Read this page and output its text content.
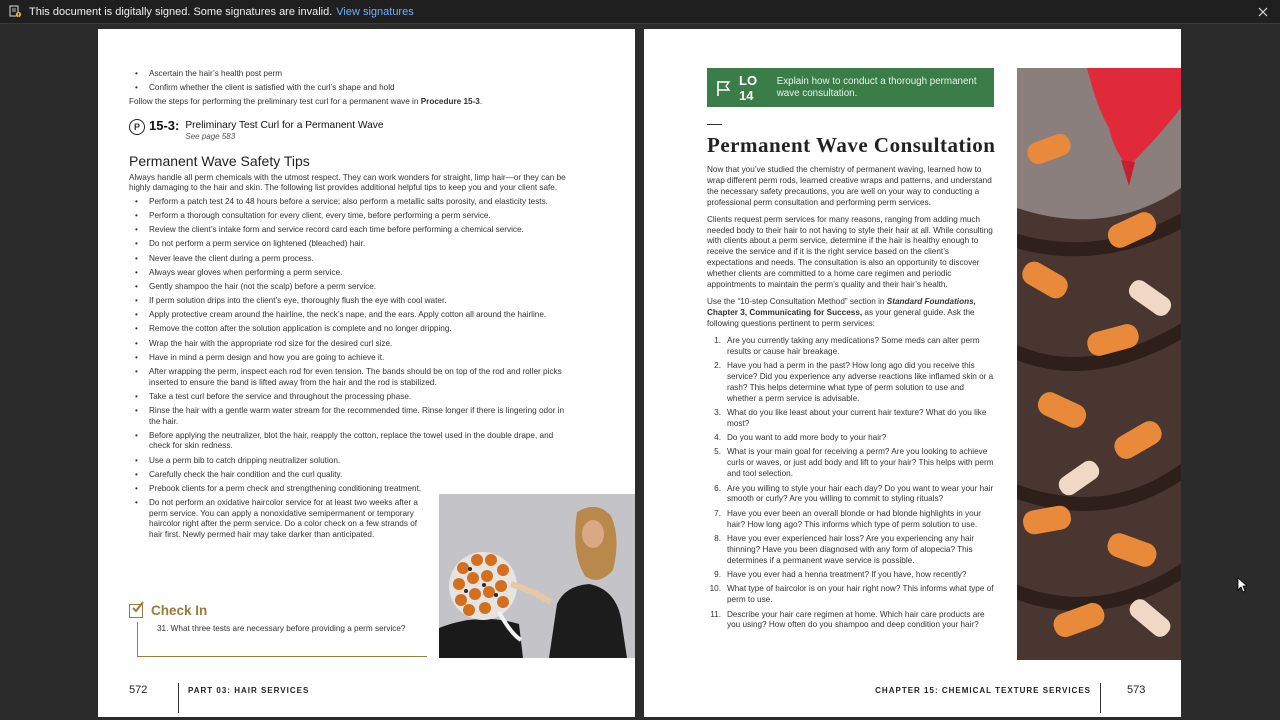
This document is digitally signed. Some signatures are invalid. View signatures
• Ascertain the hair’s health post perm
• Confirm whether the client is satisfied with the curl’s shape and hold

Follow the steps for performing the preliminary test curl for a permanent wave in Procedure 15-3.

P 15-3: Preliminary Test Curl for a Permanent Wave
See page 583
Permanent Wave Safety Tips

Always handle all perm chemicals with the utmost respect. They can work wonders for straight, limp hair—or they can be highly damaging to the hair and skin. The following list provides additional helpful tips to keep you and your client safe.

• Perform a patch test 24 to 48 hours before a service; also perform a metallic salts porosity, and elasticity tests.
• Perform a thorough consultation for every client, every time, before performing a perm service.
• Review the client’s intake form and service record card each time before performing a chemical service.
• Do not perform a perm service on lightened (bleached) hair.
• Never leave the client during a perm process.
• Always wear gloves when performing a perm service.
• Gently shampoo the hair (not the scalp) before a perm service.
• If perm solution drips into the client’s eye, thoroughly flush the eye with cool water.
• Apply protective cream around the hairline, the neck’s nape, and the ears. Apply cotton all around the hairline.
• Remove the cotton after the solution application is complete and no longer dripping.
• Wrap the hair with the appropriate rod size for the desired curl size.
• Have in mind a perm design and how you are going to achieve it.
• After wrapping the perm, inspect each rod for even tension. The bands should be on top of the rod and roller picks inserted to ensure the band is lifted away from the hair and the rod is stabilized.
• Take a test curl before the service and throughout the processing phase.
• Rinse the hair with a gentle warm water stream for the recommended time. Rinse longer if there is lingering odor in the hair.
• Before applying the neutralizer, blot the hair, reapply the cotton, replace the towel used in the double drape, and check for skin redness.
• Use a perm bib to catch dripping neutralizer solution.
• Carefully check the hair condition and the curl quality.
• Prebook clients for a perm check and strengthening conditioning treatment.
• Do not perform an oxidative haircolor service for at least two weeks after a perm service. You can apply a nonoxidative semipermanent or temporary haircolor right after the perm service. Do a color check on a few strands of hair first. Newly permed hair may take darker than anticipated.
Check In
31. What three tests are necessary before providing a perm service?
572	PART 03: HAIR SERVICES
LO 14
Explain how to conduct a thorough permanent wave consultation.
Permanent Wave Consultation

Now that you’ve studied the chemistry of permanent waving, learned how to wrap different perm rods, learned creative wraps and patterns, and understand the necessary safety precautions, you are well on your way to conducting a professional perm consultation and performing perm services.

Clients request perm services for many reasons, ranging from adding much needed body to their hair to not having to style their hair at all. While consulting with clients about a perm service, determine if the hair is healthy enough to receive the service and if it is the right service based on the client’s expectations and needs. The consultation is also an opportunity to discover whether clients are committed to a home care regimen and periodic appointments to maintain the perm’s quality and their hair’s health.

Use the “10-step Consultation Method” section in Standard Foundations, Chapter 3, Communicating for Success, as your general guide. Ask the following questions pertinent to perm services:

1. Are you currently taking any medications? Some meds can alter perm results or cause hair breakage.
2. Have you had a perm in the past? How long ago did you receive this service? Did you experience any adverse reactions like inflamed skin or a rash? This helps determine what type of perm solution to use and whether a perm service is advisable.
3. What do you like least about your current hair texture? What do you like most?
4. Do you want to add more body to your hair?
5. What is your main goal for receiving a perm? Are you looking to achieve curls or waves, or just add body and lift to your hair? This helps with perm and tool selection.
6. Are you willing to style your hair each day? Do you want to wear your hair smooth or curly? Are you willing to commit to styling rituals?
7. Have you ever been an overall blonde or had blonde highlights in your hair? How long ago? This informs which type of perm solution to use.
8. Have you ever experienced hair loss? Are you experiencing any hair thinning? Have you been diagnosed with any form of alopecia? This determines if a permanent wave service is possible.
9. Have you ever had a henna treatment? If you have, how recently?
10. What type of haircolor is on your hair right now? This informs what type of perm to use.
11. Describe your hair care regimen at home. Which hair care products are you using? How often do you shampoo and deep condition your hair?
CHAPTER 15: CHEMICAL TEXTURE SERVICES	573
